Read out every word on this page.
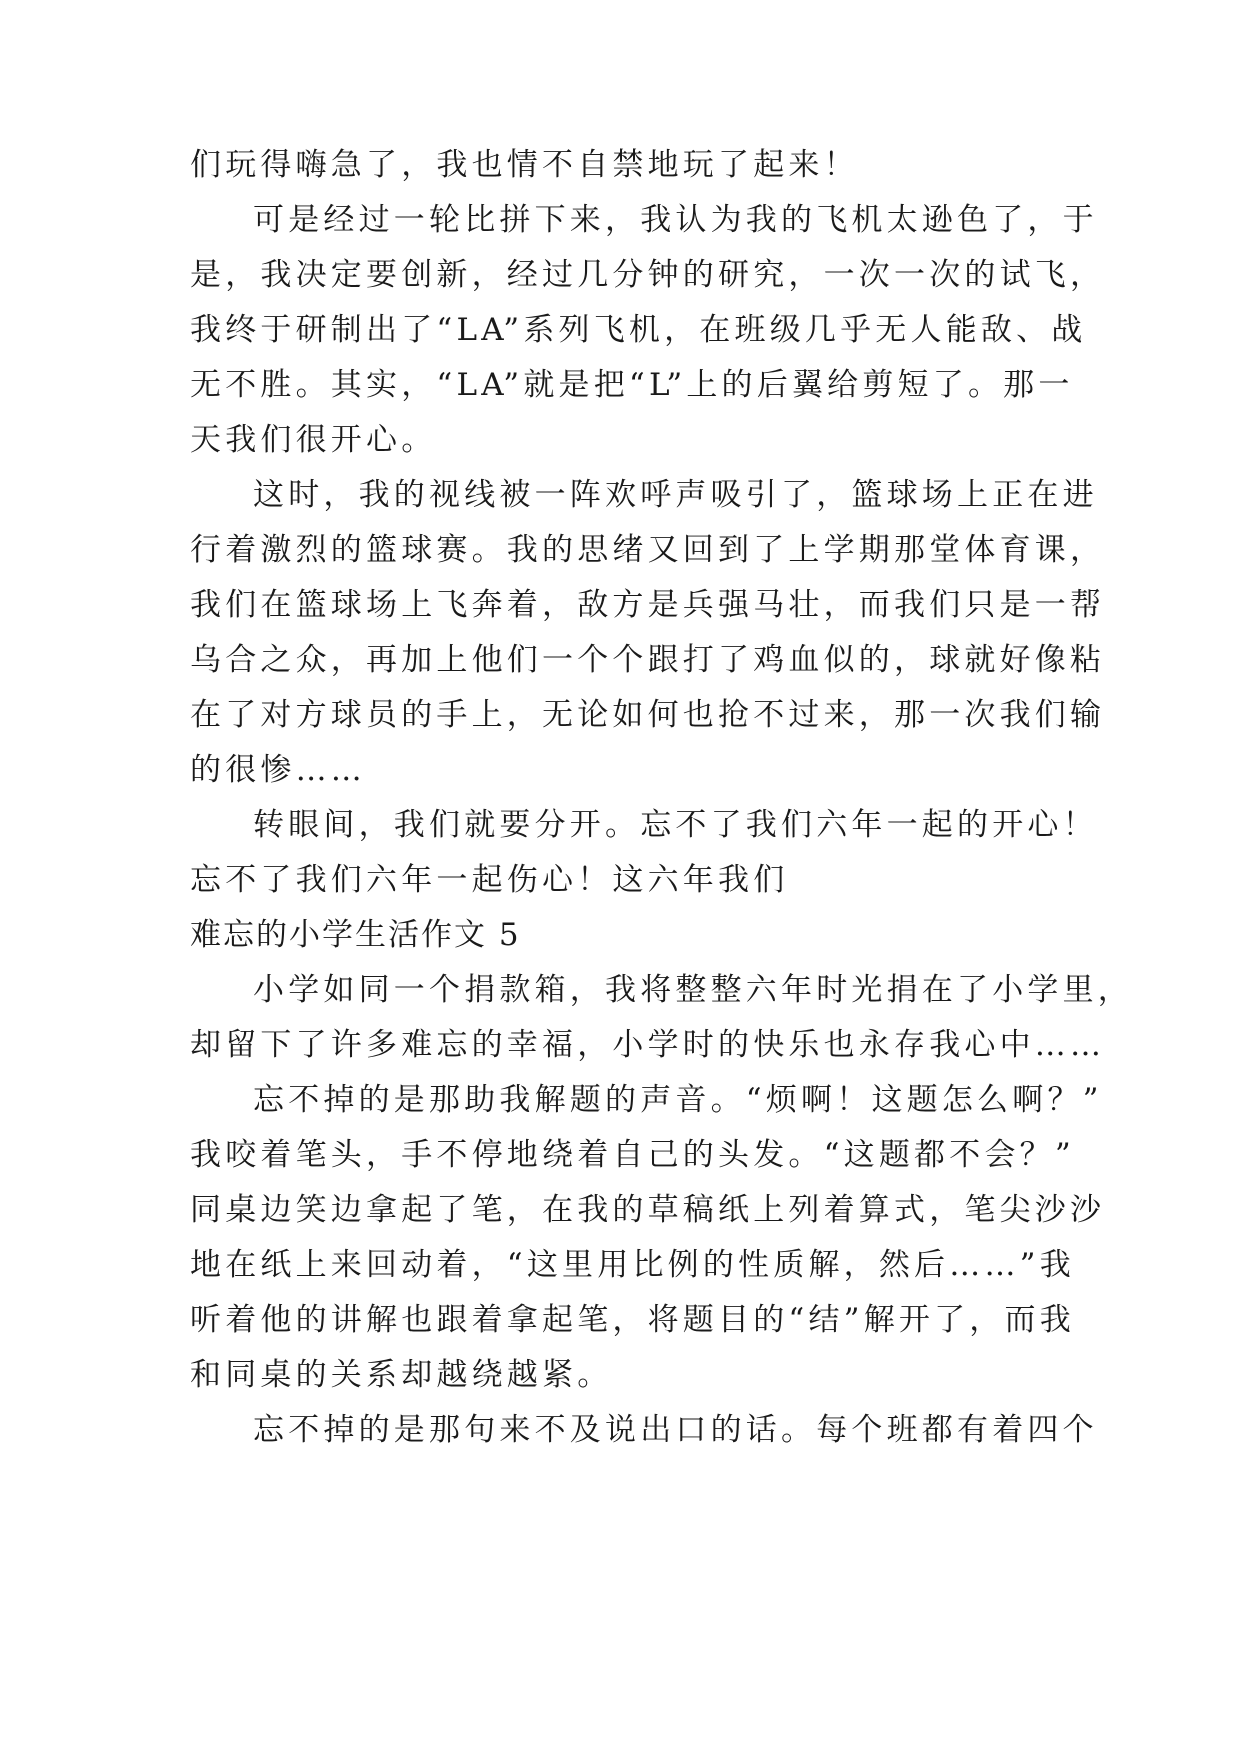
们玩得嗨急了，我也情不自禁地玩了起来！
可是经过一轮比拼下来，我认为我的飞机太逊色了，于
是，我决定要创新，经过几分钟的研究，一次一次的试飞，
我终于研制出了“LA”系列飞机，在班级几乎无人能敌、战
无不胜。其实，“LA”就是把“L”上的后翼给剪短了。那一
天我们很开心。
这时，我的视线被一阵欢呼声吸引了，篮球场上正在进
行着激烈的篮球赛。我的思绪又回到了上学期那堂体育课，
我们在篮球场上飞奔着，敌方是兵强马壮，而我们只是一帮
乌合之众，再加上他们一个个跟打了鸡血似的，球就好像粘
在了对方球员的手上，无论如何也抢不过来，那一次我们输
的很惨……
转眼间，我们就要分开。忘不了我们六年一起的开心！
忘不了我们六年一起伤心！这六年我们
难忘的小学生活作文 5
小学如同一个捐款箱，我将整整六年时光捐在了小学里，
却留下了许多难忘的幸福，小学时的快乐也永存我心中……
忘不掉的是那助我解题的声音。“烦啊！这题怎么啊？”
我咬着笔头，手不停地绕着自己的头发。“这题都不会？”
同桌边笑边拿起了笔，在我的草稿纸上列着算式，笔尖沙沙
地在纸上来回动着，“这里用比例的性质解，然后……”我
听着他的讲解也跟着拿起笔，将题目的“结”解开了，而我
和同桌的关系却越绕越紧。
忘不掉的是那句来不及说出口的话。每个班都有着四个
